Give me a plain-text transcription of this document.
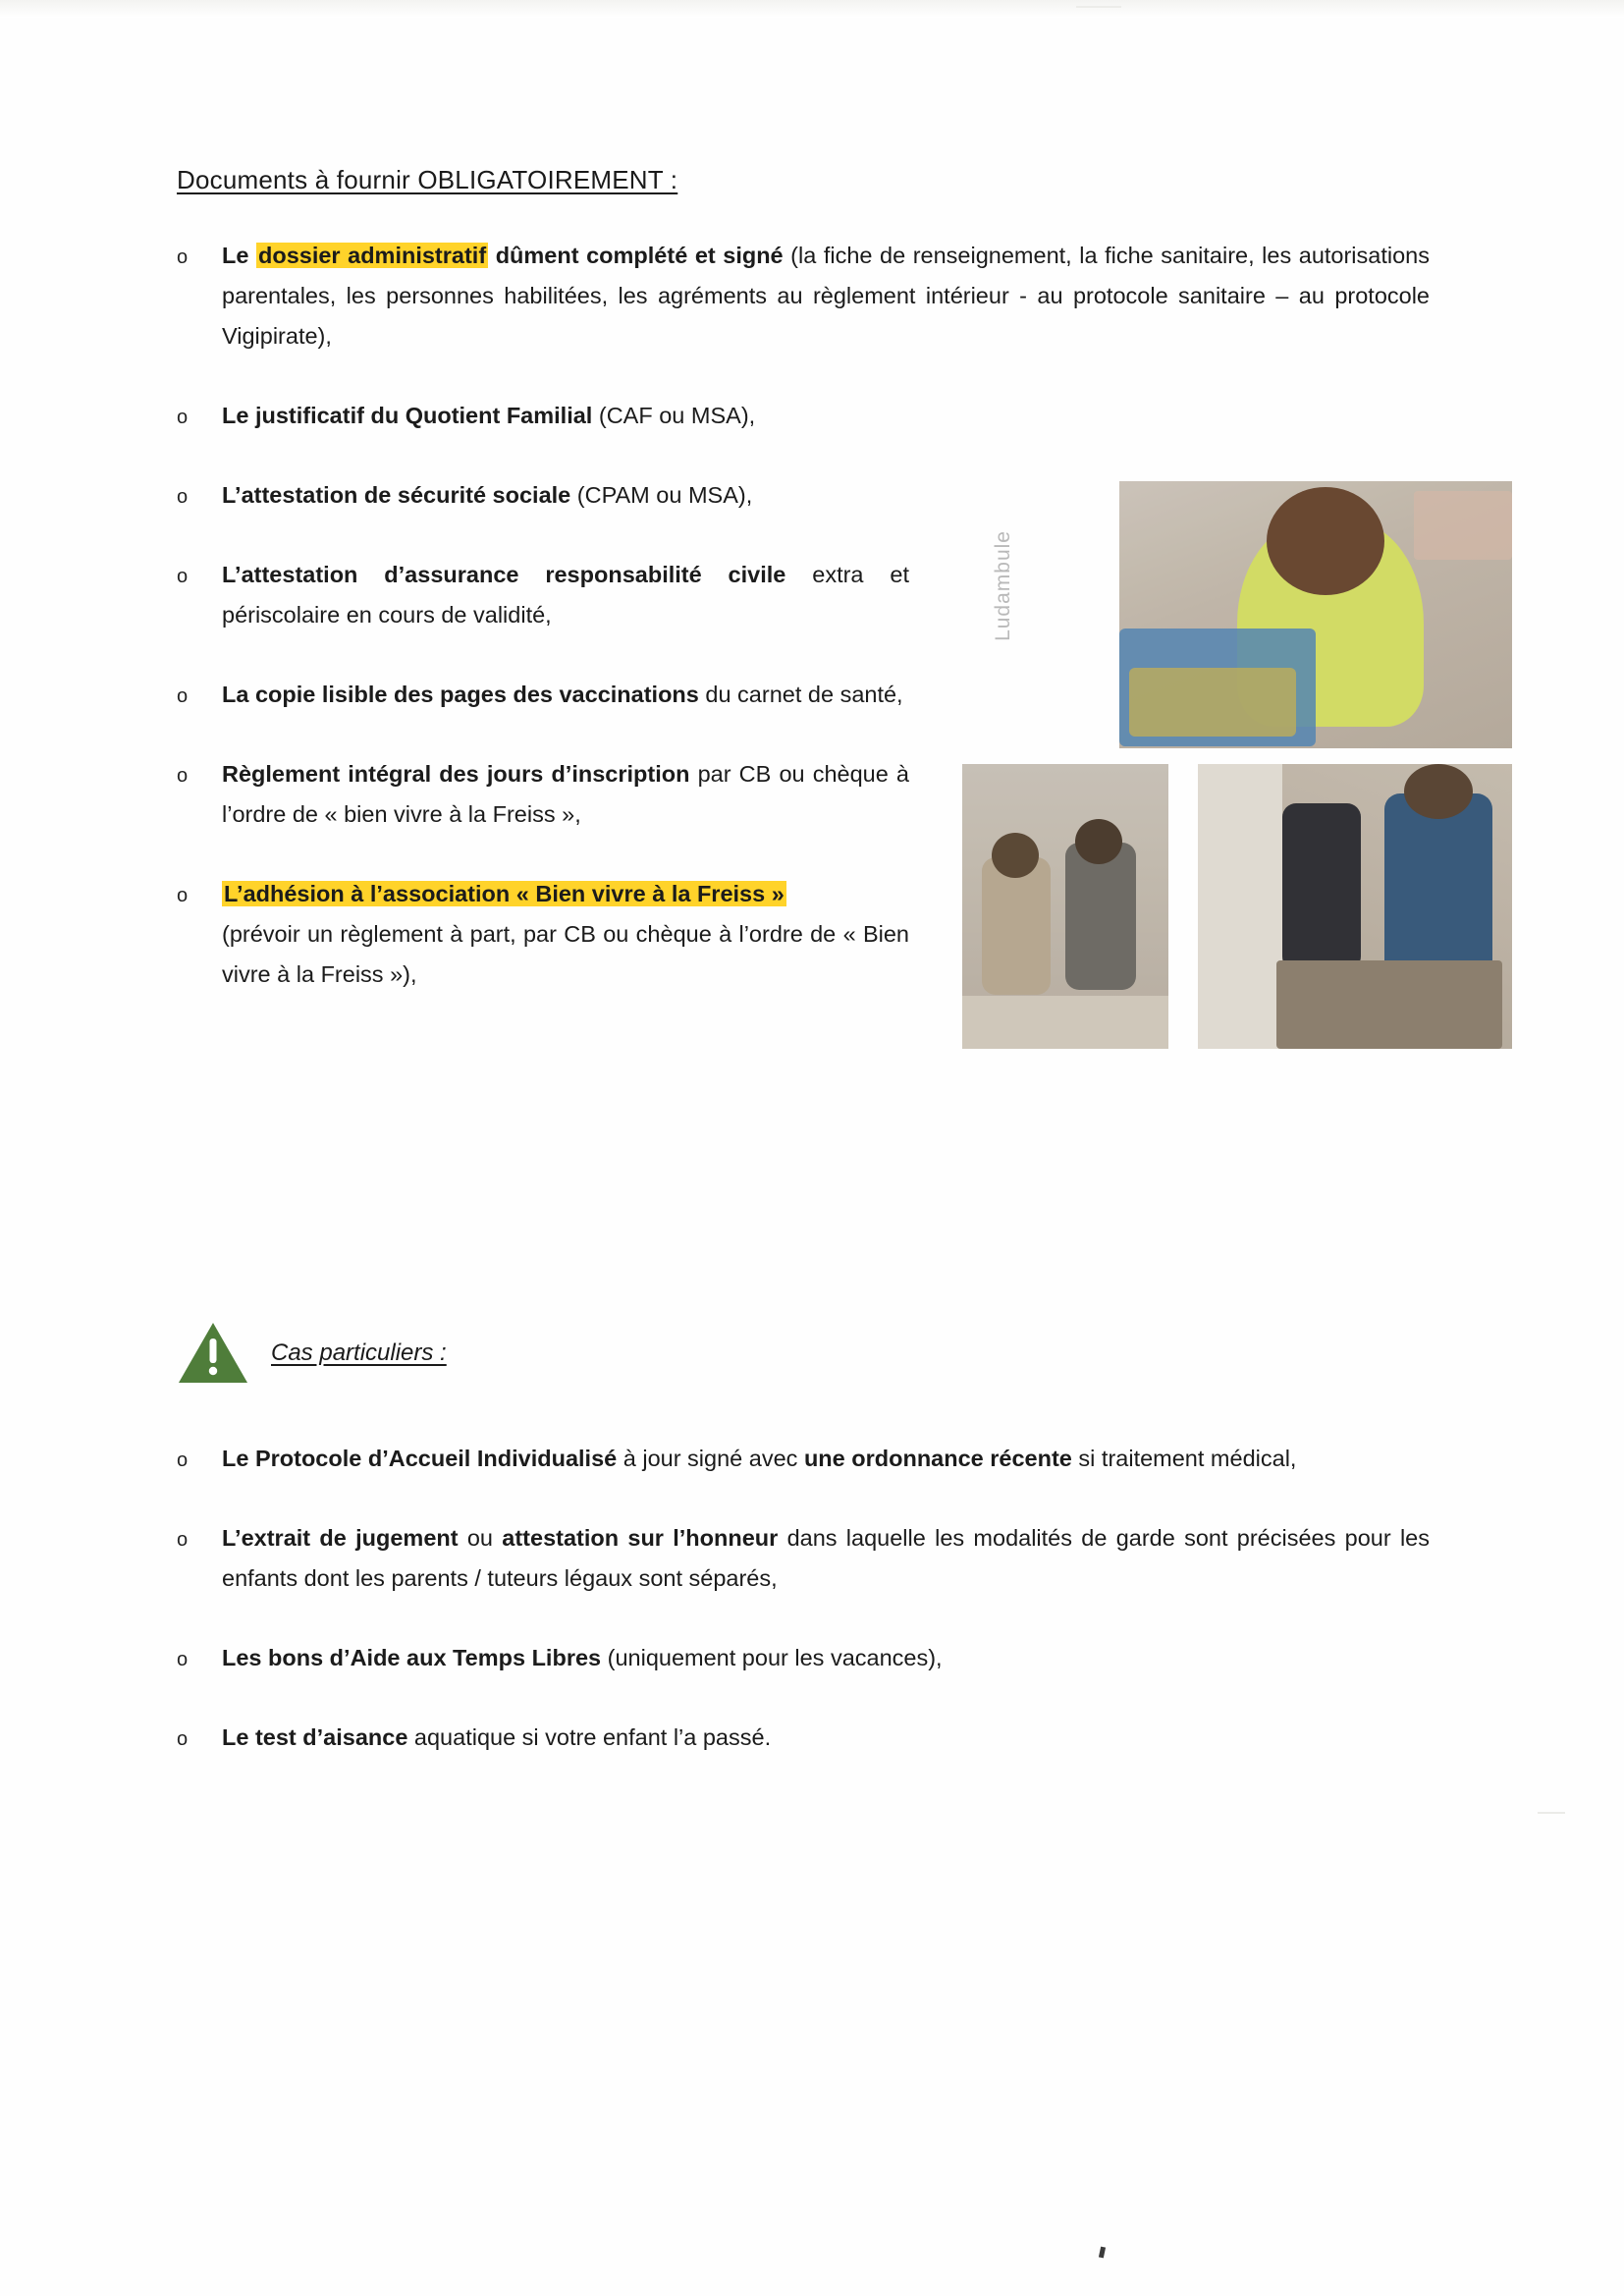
Documents à fournir OBLIGATOIREMENT :
Ludambule
o	Le dossier administratif dûment complété et signé (la fiche de renseignement, la fiche sanitaire, les autorisations parentales, les personnes habilitées, les agréments au règlement intérieur - au protocole sanitaire – au protocole Vigipirate),
o	Le justificatif du Quotient Familial (CAF ou MSA),
o	L’attestation de sécurité sociale (CPAM ou MSA),
o	L’attestation d’assurance responsabilité civile extra et périscolaire en cours de validité,
o	La copie lisible des pages des vaccinations du carnet de santé,
o	Règlement intégral des jours d’inscription par CB ou chèque à l’ordre de « bien vivre à la Freiss »,
o	L’adhésion à l’association « Bien vivre à la Freiss »
(prévoir un règlement à part, par CB ou chèque à l’ordre de « Bien vivre à la Freiss »),
Cas particuliers :
o	Le Protocole d’Accueil Individualisé à jour signé avec une ordonnance récente si traitement médical,
o	L’extrait de jugement ou attestation sur l’honneur dans laquelle les modalités de garde sont précisées pour les enfants dont les parents / tuteurs légaux sont séparés,
o	Les bons d’Aide aux Temps Libres (uniquement pour les vacances),
o	Le test d’aisance aquatique si votre enfant l’a passé.
